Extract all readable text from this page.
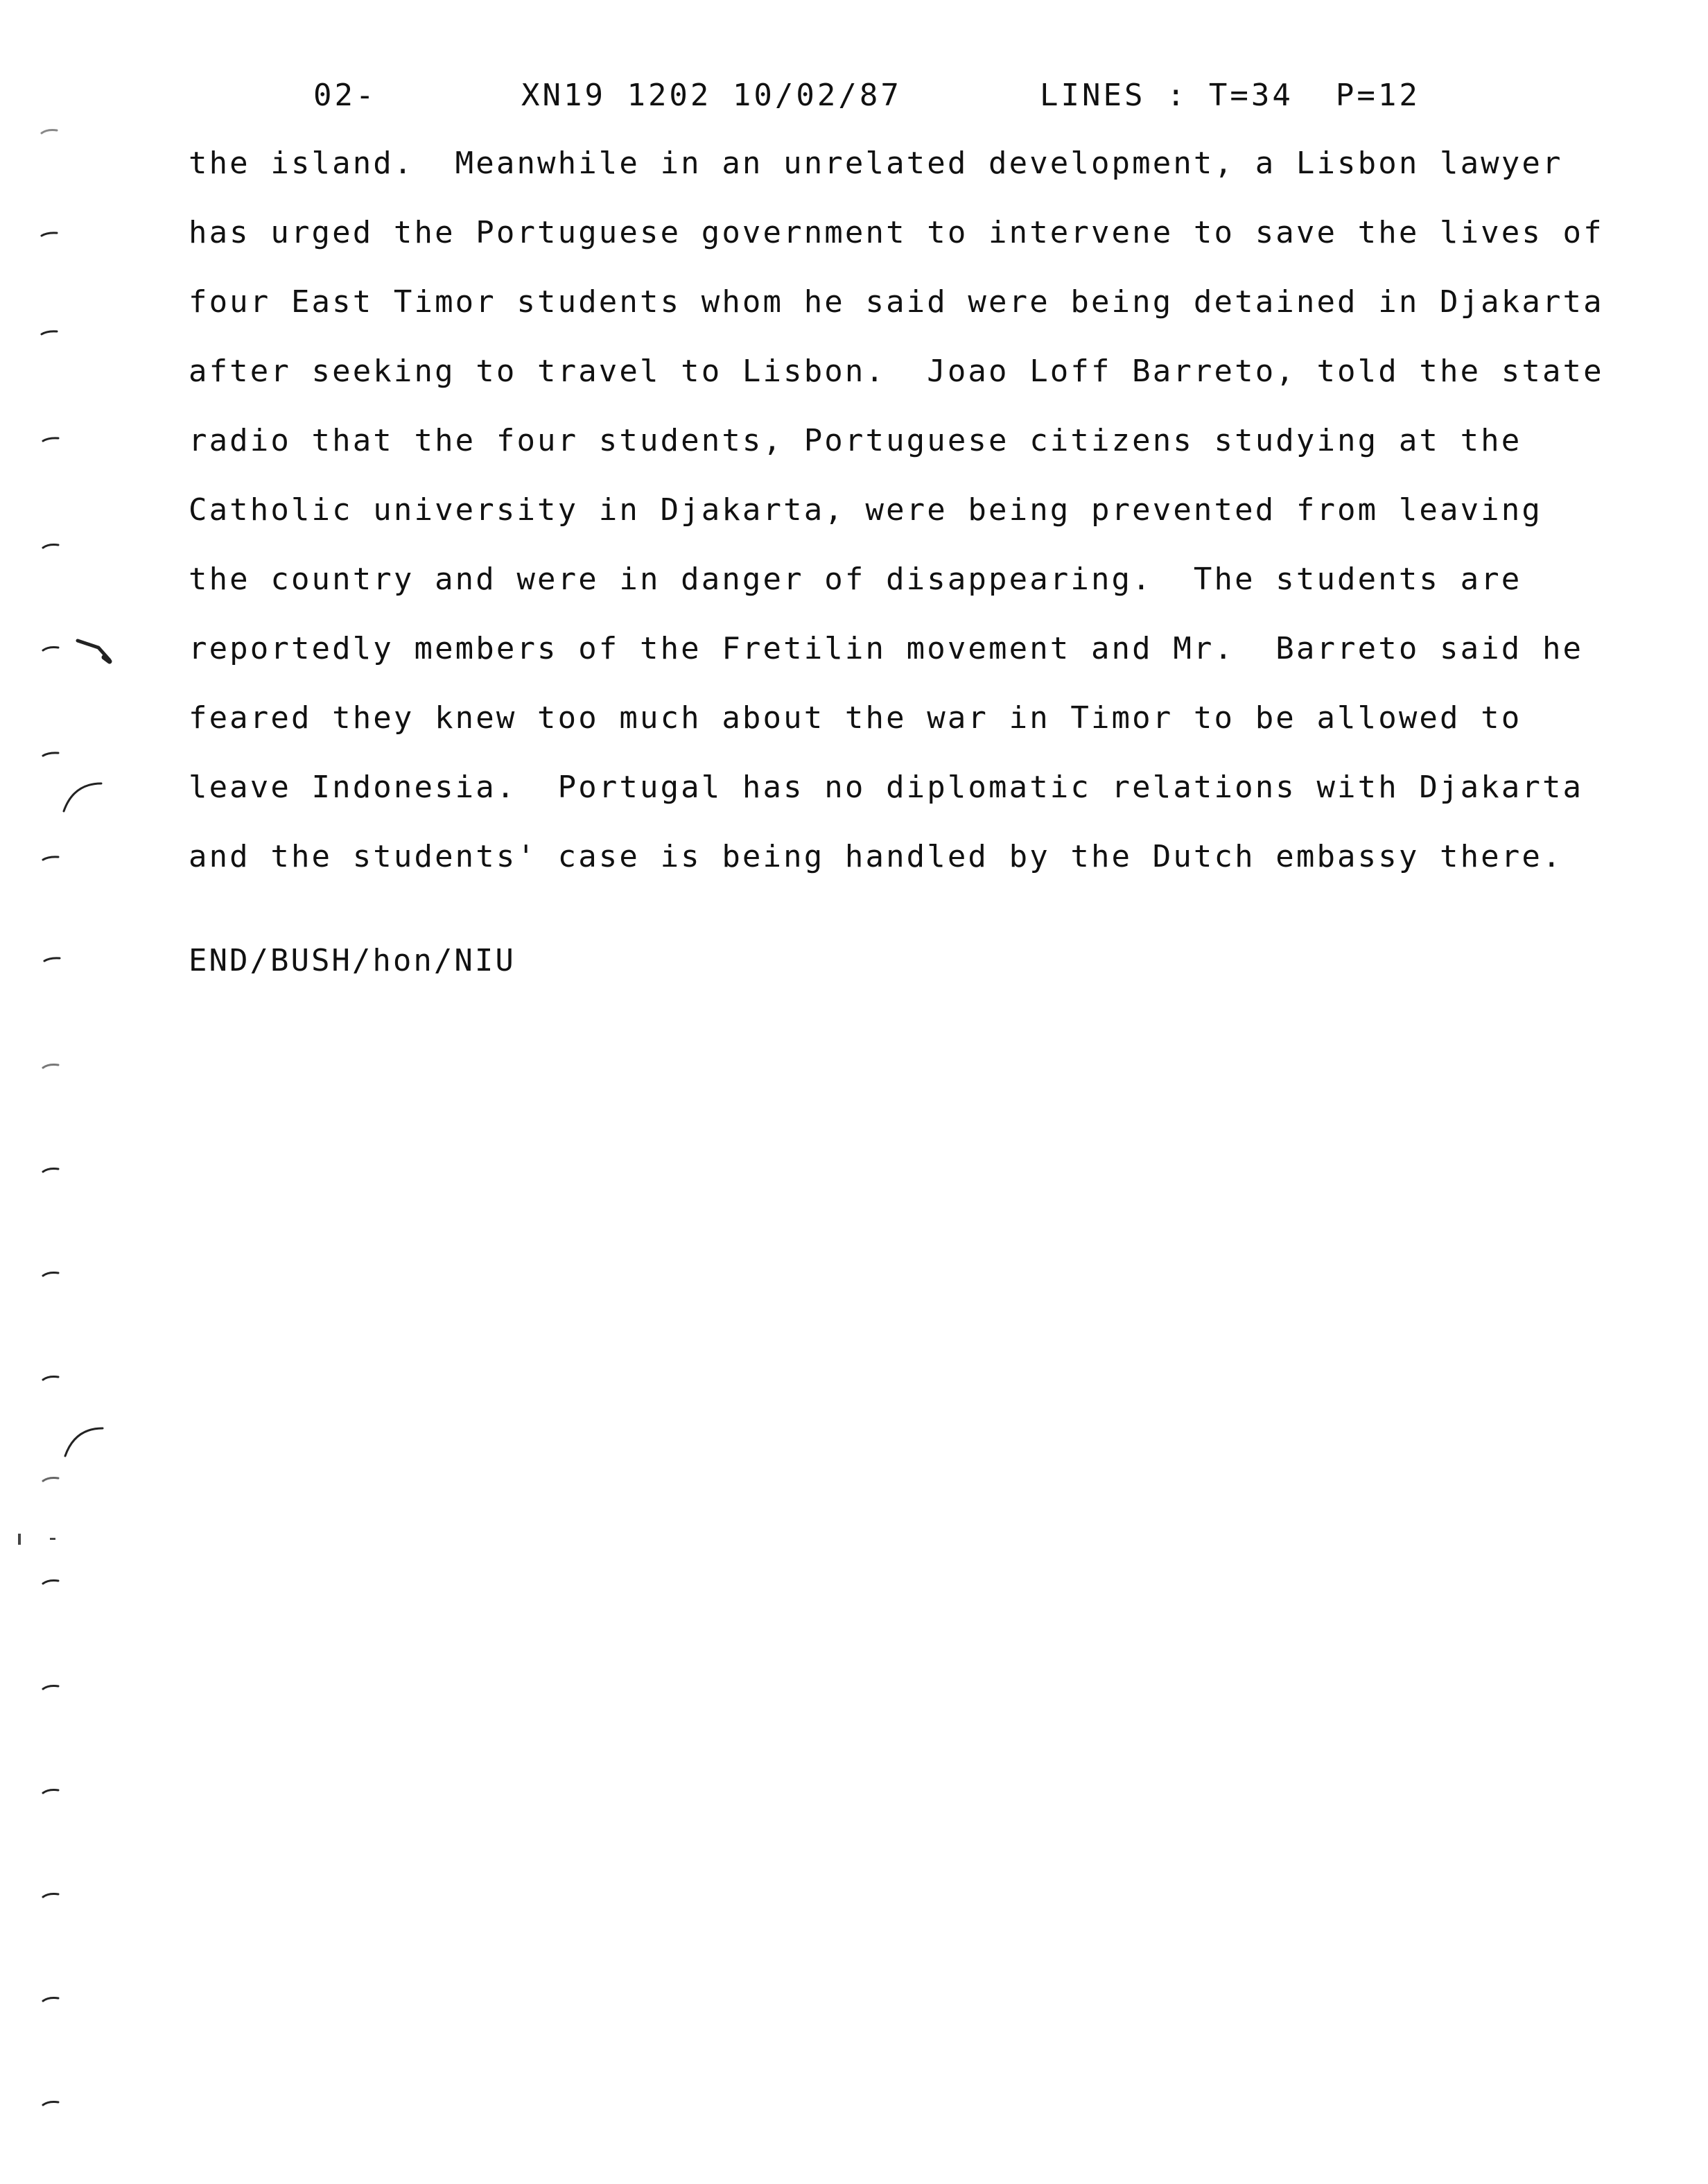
02-

	XN19 1202 10/02/87

	LINES : T=34  P=12

the island.  Meanwhile in an unrelated development, a Lisbon lawyer
has urged the Portuguese government to intervene to save the lives of
four East Timor students whom he said were being detained in Djakarta
after seeking to travel to Lisbon.  Joao Loff Barreto, told the state
radio that the four students, Portuguese citizens studying at the
Catholic university in Djakarta, were being prevented from leaving
the country and were in danger of disappearing.  The students are
reportedly members of the Fretilin movement and Mr.  Barreto said he
feared they knew too much about the war in Timor to be allowed to
leave Indonesia.  Portugal has no diplomatic relations with Djakarta
and the students' case is being handled by the Dutch embassy there.
END/BUSH/hon/NIU
